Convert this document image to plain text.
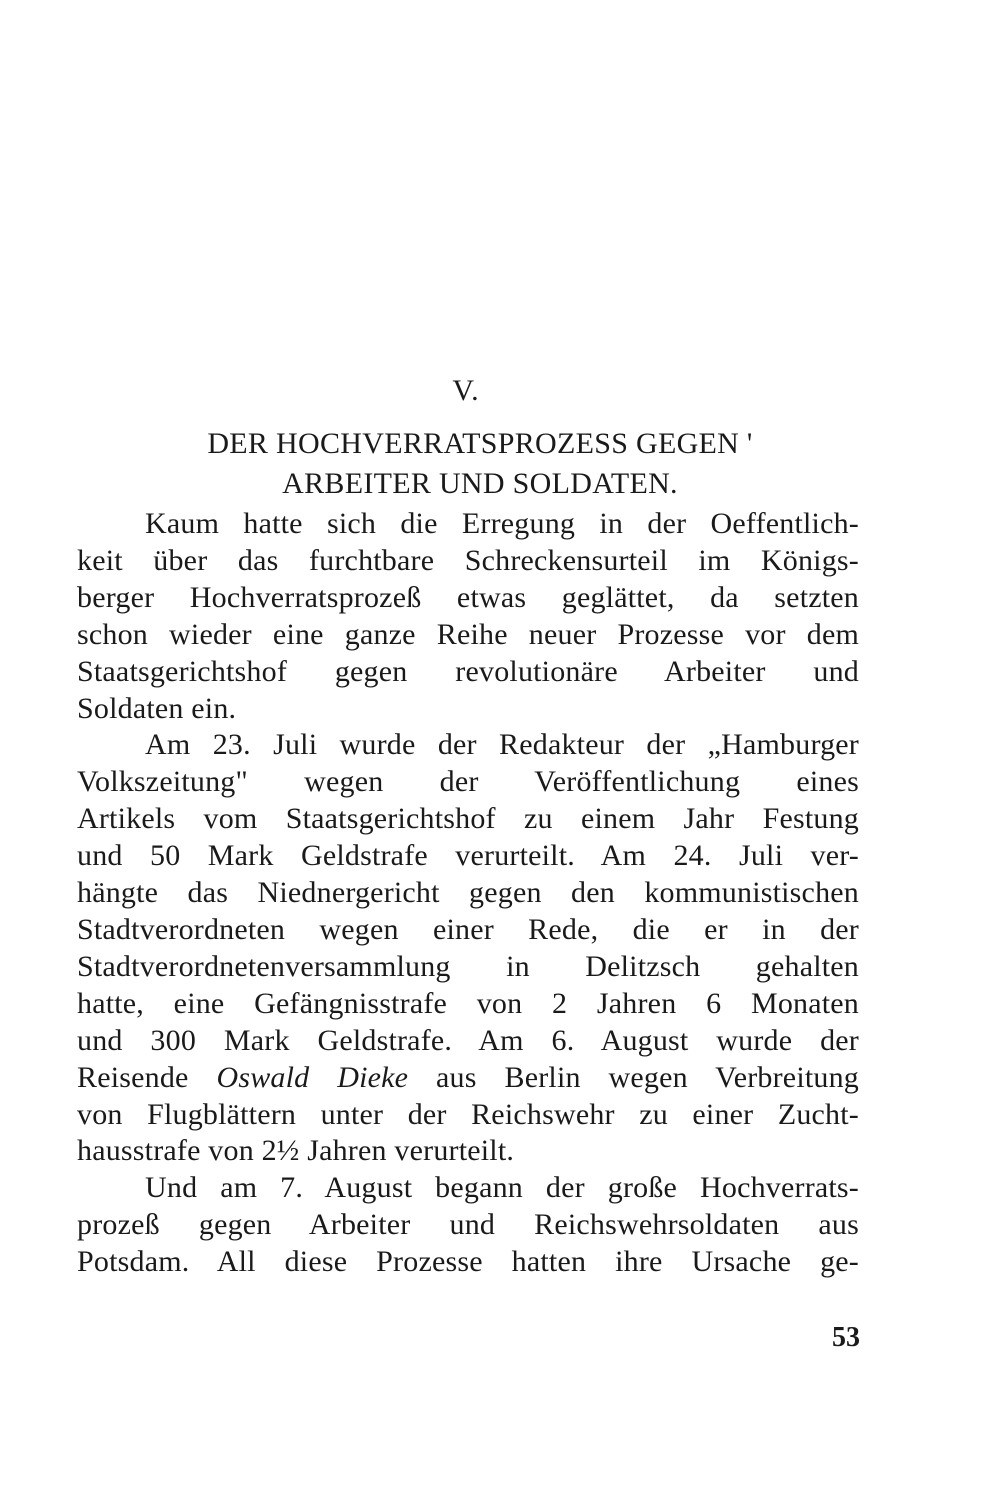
V.
DER HOCHVERRATSPROZESS GEGEN '
ARBEITER UND SOLDATEN.

Kaum hatte sich die Erregung in der Oeffentlich-
keit über das furchtbare Schreckensurteil im Königs-
berger Hochverratsprozeß etwas geglättet, da setzten
schon wieder eine ganze Reihe neuer Prozesse vor dem
Staatsgerichtshof gegen revolutionäre Arbeiter und
Soldaten ein.

Am 23. Juli wurde der Redakteur der „Hamburger
Volkszeitung" wegen der Veröffentlichung eines
Artikels vom Staatsgerichtshof zu einem Jahr Festung
und 50 Mark Geldstrafe verurteilt. Am 24. Juli ver-
hängte das Niednergericht gegen den kommunistischen
Stadtverordneten wegen einer Rede, die er in der
Stadtverordnetenversammlung in Delitzsch gehalten
hatte, eine Gefängnisstrafe von 2 Jahren 6 Monaten
und 300 Mark Geldstrafe. Am 6. August wurde der
Reisende Oswald Dieke aus Berlin wegen Verbreitung
von Flugblättern unter der Reichswehr zu einer Zucht-
hausstrafe von 2½ Jahren verurteilt.

Und am 7. August begann der große Hochverrats-
prozeß gegen Arbeiter und Reichswehrsoldaten aus
Potsdam. All diese Prozesse hatten ihre Ursache ge-

53
